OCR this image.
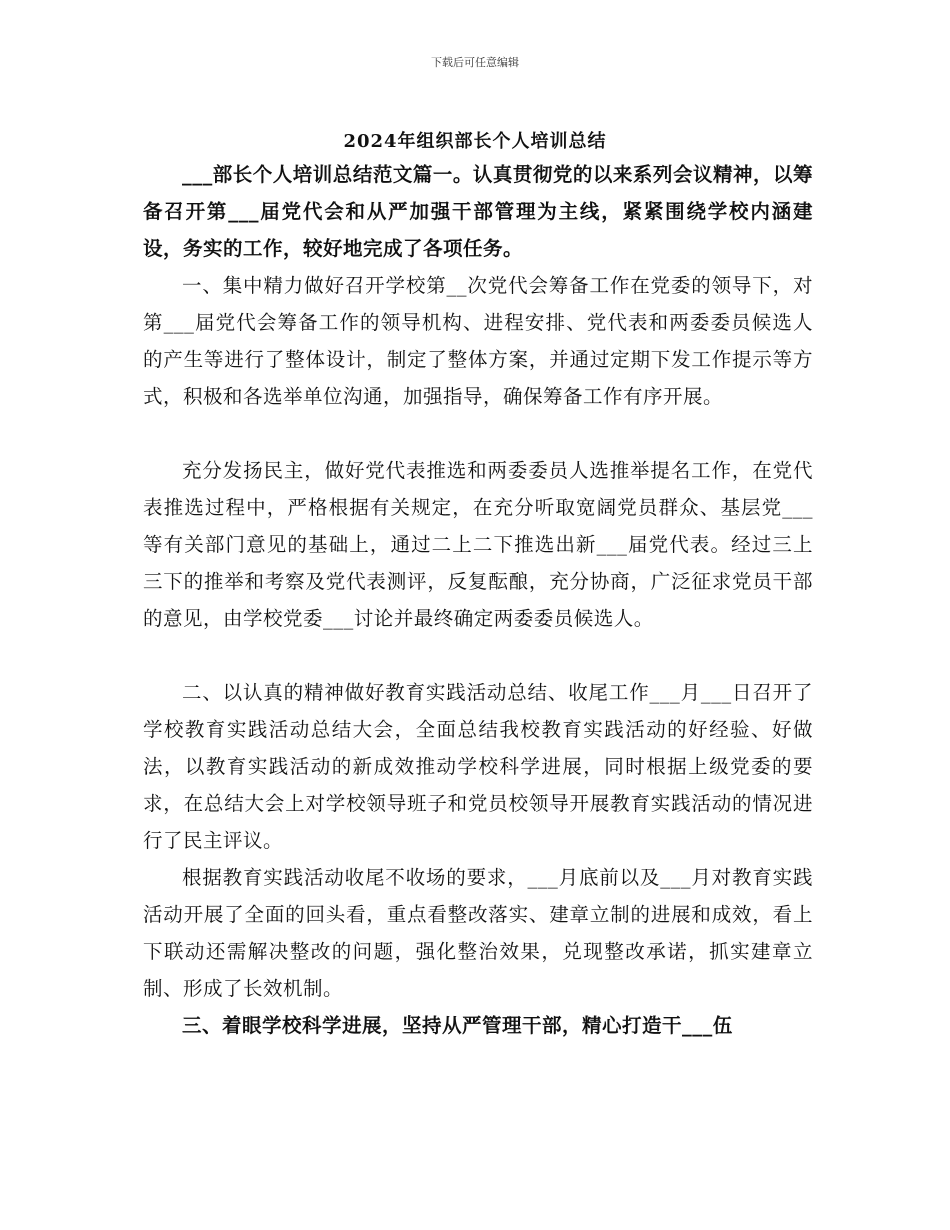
下载后可任意编辑
2024年组织部长个人培训总结

___部长个人培训总结范文篇一。认真贯彻党的以来系列会议精神，以筹备召开第___届党代会和从严加强干部管理为主线，紧紧围绕学校内涵建设，务实的工作，较好地完成了各项任务。

一、集中精力做好召开学校第__次党代会筹备工作在党委的领导下，对第___届党代会筹备工作的领导机构、进程安排、党代表和两委委员候选人的产生等进行了整体设计，制定了整体方案，并通过定期下发工作提示等方式，积极和各选举单位沟通，加强指导，确保筹备工作有序开展。

充分发扬民主，做好党代表推选和两委委员人选推举提名工作，在党代表推选过程中，严格根据有关规定，在充分听取宽阔党员群众、基层党___等有关部门意见的基础上，通过二上二下推选出新___届党代表。经过三上三下的推举和考察及党代表测评，反复酝酿，充分协商，广泛征求党员干部的意见，由学校党委___讨论并最终确定两委委员候选人。

二、以认真的精神做好教育实践活动总结、收尾工作___月___日召开了学校教育实践活动总结大会，全面总结我校教育实践活动的好经验、好做法，以教育实践活动的新成效推动学校科学进展，同时根据上级党委的要求，在总结大会上对学校领导班子和党员校领导开展教育实践活动的情况进行了民主评议。

根据教育实践活动收尾不收场的要求，___月底前以及___月对教育实践活动开展了全面的回头看，重点看整改落实、建章立制的进展和成效，看上下联动还需解决整改的问题，强化整治效果，兑现整改承诺，抓实建章立制、形成了长效机制。

三、着眼学校科学进展，坚持从严管理干部，精心打造干___伍
